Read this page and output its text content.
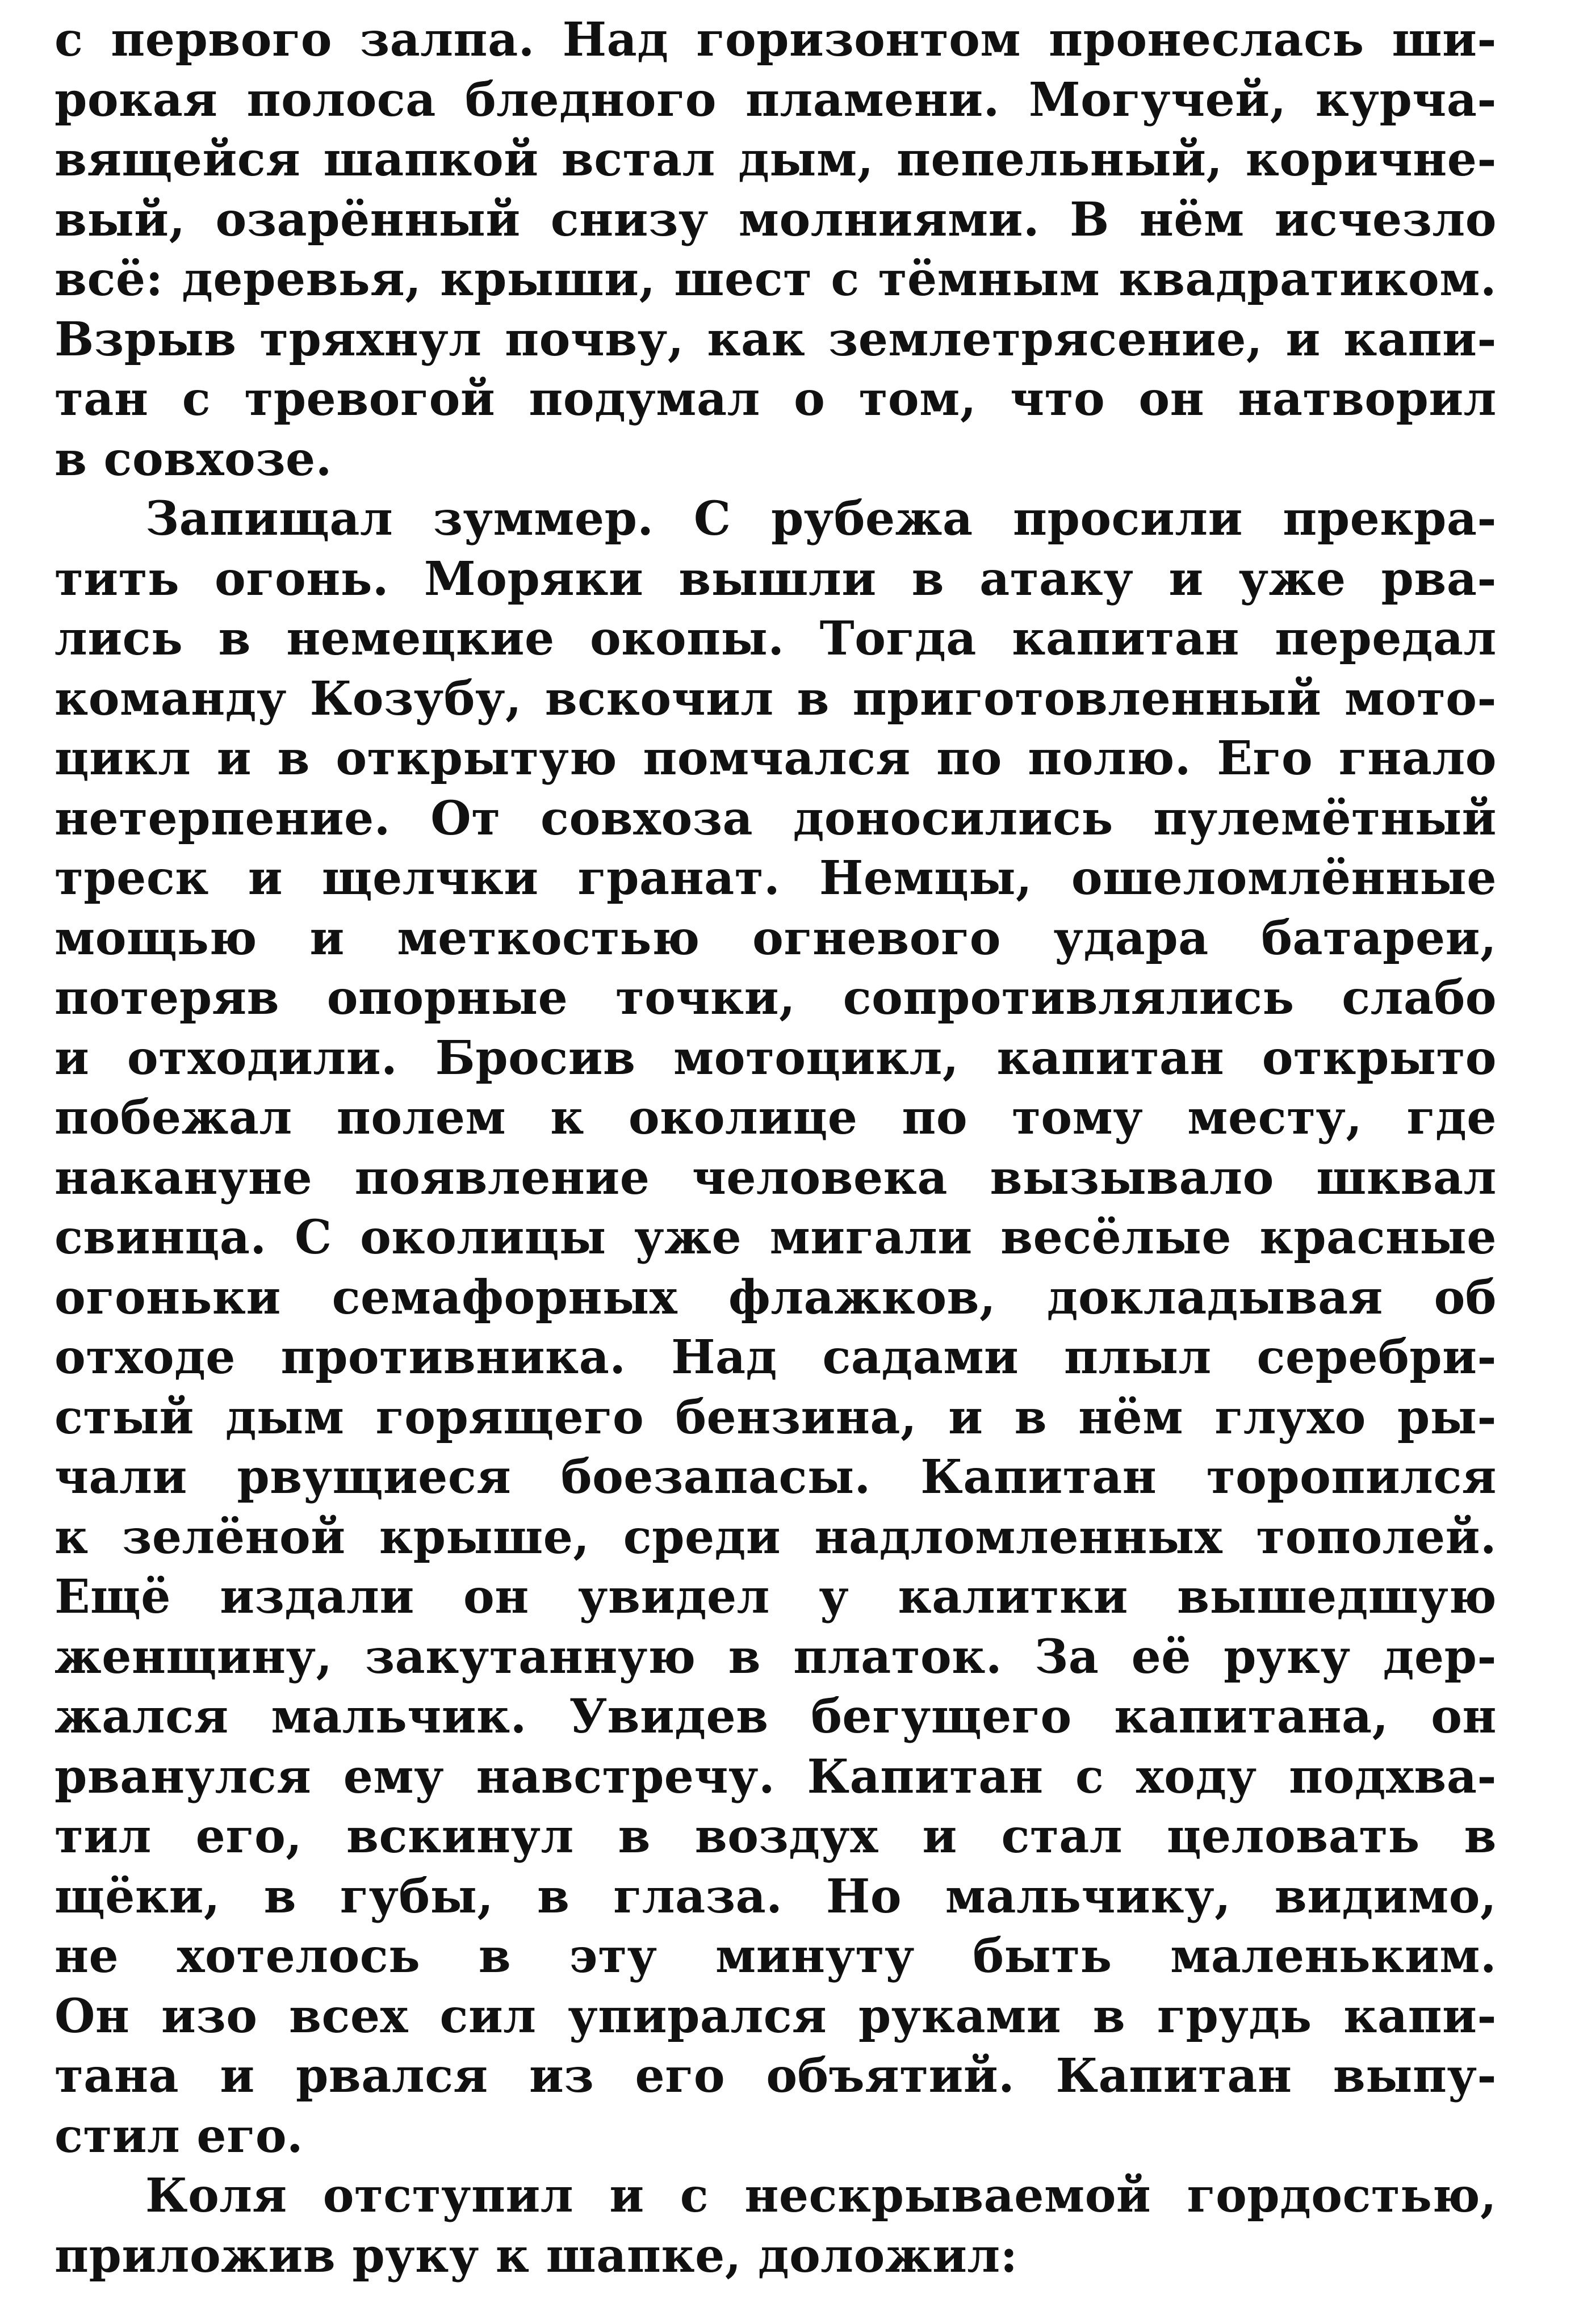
с первого залпа. Над горизонтом пронеслась ши-
рокая полоса бледного пламени. Могучей, курча-
вящейся шапкой встал дым, пепельный, коричне-
вый, озарённый снизу молниями. В нём исчезло
всё: деревья, крыши, шест с тёмным квадратиком.
Взрыв тряхнул почву, как землетрясение, и капи-
тан с тревогой подумал о том, что он натворил
в совхозе.
Запищал зуммер. С рубежа просили прекра-
тить огонь. Моряки вышли в атаку и уже рва-
лись в немецкие окопы. Тогда капитан передал
команду Козубу, вскочил в приготовленный мото-
цикл и в открытую помчался по полю. Его гнало
нетерпение. От совхоза доносились пулемётный
треск и щелчки гранат. Немцы, ошеломлённые
мощью и меткостью огневого удара батареи,
потеряв опорные точки, сопротивлялись слабо
и отходили. Бросив мотоцикл, капитан открыто
побежал полем к околице по тому месту, где
накануне появление человека вызывало шквал
свинца. С околицы уже мигали весёлые красные
огоньки семафорных флажков, докладывая об
отходе противника. Над садами плыл серебри-
стый дым горящего бензина, и в нём глухо ры-
чали рвущиеся боезапасы. Капитан торопился
к зелёной крыше, среди надломленных тополей.
Ещё издали он увидел у калитки вышедшую
женщину, закутанную в платок. За её руку дер-
жался мальчик. Увидев бегущего капитана, он
рванулся ему навстречу. Капитан с ходу подхва-
тил его, вскинул в воздух и стал целовать в
щёки, в губы, в глаза. Но мальчику, видимо,
не хотелось в эту минуту быть маленьким.
Он изо всех сил упирался руками в грудь капи-
тана и рвался из его объятий. Капитан выпу-
стил его.
Коля отступил и с нескрываемой гордостью,
приложив руку к шапке, доложил:
